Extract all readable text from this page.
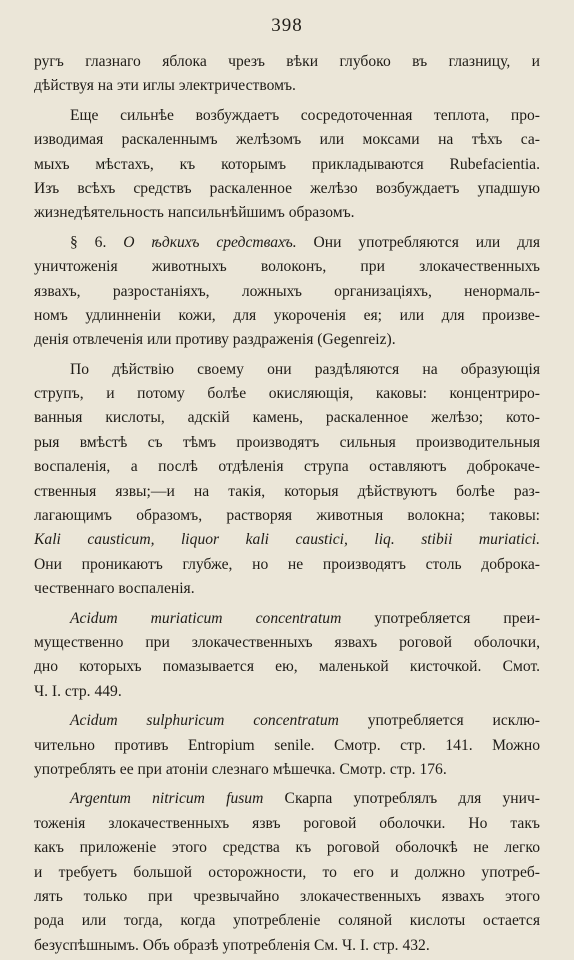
398
ругъ глазнаго яблока чрезъ вѣки глубоко въ глазницу, и
дѣйствуя на эти иглы электричествомъ.
Еще сильнѣе возбуждаетъ сосредоточенная теплота, про-
изводимая раскаленнымъ желѣзомъ или моксами на тѣхъ са-
мыхъ мѣстахъ, къ которымъ прикладываются Rubefacientia.
Изъ всѣхъ средствъ раскаленное желѣзо возбуждаетъ упадшую
жизнедѣятельность напсильнѣйшимъ образомъ.
§ 6. О ѣдкихъ средствахъ. Они употребляются или для
уничтоженія животныхъ волоконъ, при злокачественныхъ
язвахъ, разростаніяхъ, ложныхъ организаціяхъ, ненормаль-
номъ удлинненіи кожи, для укороченія ея; или для произве-
денія отвлеченія или противу раздраженія (Gegenreiz).
По дѣйствію своему они раздѣляются на образующія
струпъ, и потому болѣе окисляющія, каковы: концентриро-
ванныя кислоты, адскій камень, раскаленное желѣзо; кото-
рыя вмѣстѣ съ тѣмъ производятъ сильныя производительныя
воспаленія, а послѣ отдѣленія струпа оставляютъ доброкаче-
ственныя язвы;—и на такія, которыя дѣйствуютъ болѣе раз-
лагающимъ образомъ, растворяя животныя волокна; таковы:
Kali causticum, liquor kali caustici, liq. stibii muriatici.
Они проникаютъ глубже, но не производятъ столь доброка-
чественнаго воспаленія.
Acidum muriaticum concentratum употребляется преи-
мущественно при злокачественныхъ язвахъ роговой оболочки,
дно которыхъ помазывается ею, маленькой кисточкой. Смот.
Ч. I. стр. 449.
Acidum sulphuricum concentratum употребляется исклю-
чительно противъ Entropium senile. Смотр. стр. 141. Можно
употреблять ее при атоніи слезнаго мѣшечка. Смотр. стр. 176.
Argentum nitricum fusum Скарпа употреблялъ для унич-
тоженія злокачественныхъ язвъ роговой оболочки. Но такъ
какъ приложеніе этого средства къ роговой оболочкѣ не легко
и требуетъ большой осторожности, то его и должно употреб-
лять только при чрезвычайно злокачественныхъ язвахъ этого
рода или тогда, когда употребленіе соляной кислоты остается
безуспѣшнымъ. Объ образѣ употребленія См. Ч. I. стр. 432.
